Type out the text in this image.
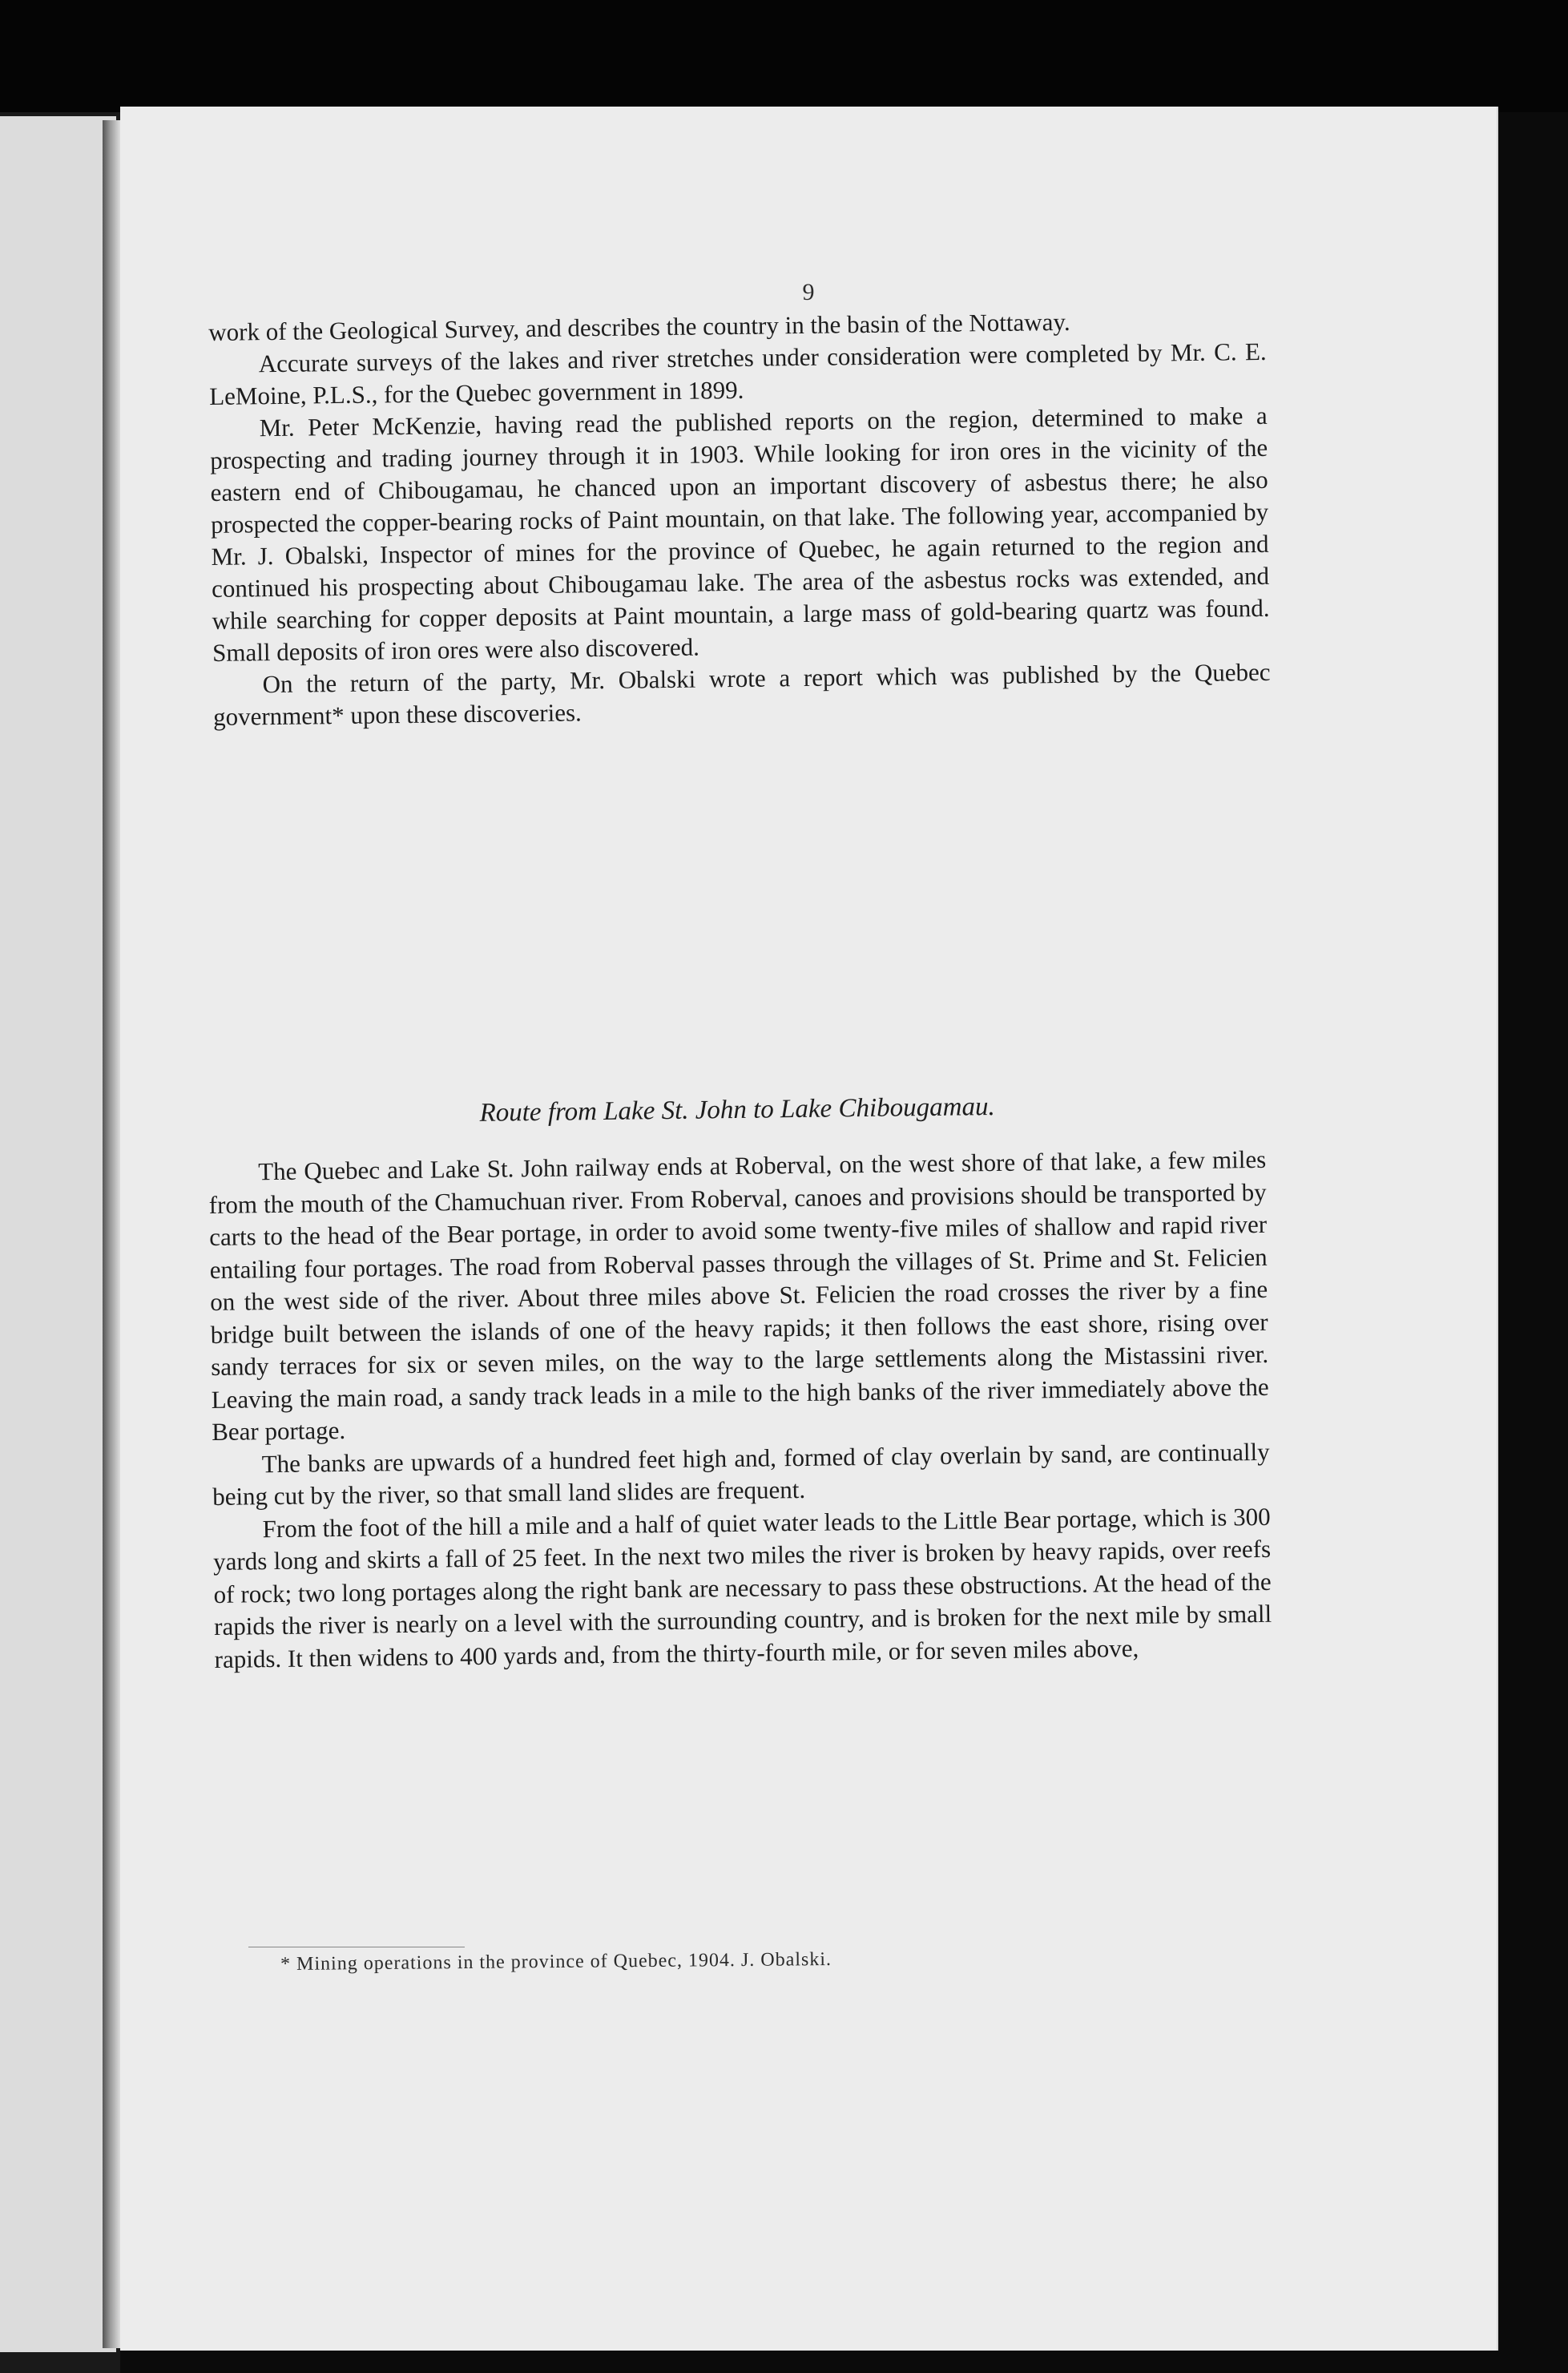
9

work of the Geological Survey, and describes the country in the basin of the Nottaway.

Accurate surveys of the lakes and river stretches under consideration were completed by Mr. C. E. LeMoine, P.L.S., for the Quebec government in 1899.

Mr. Peter McKenzie, having read the published reports on the region, determined to make a prospecting and trading journey through it in 1903. While looking for iron ores in the vicinity of the eastern end of Chibougamau, he chanced upon an important discovery of asbestus there; he also prospected the copper-bearing rocks of Paint mountain, on that lake. The following year, accompanied by Mr. J. Obalski, Inspector of mines for the province of Quebec, he again returned to the region and continued his prospecting about Chibougamau lake. The area of the asbestus rocks was extended, and while searching for copper deposits at Paint mountain, a large mass of gold-bearing quartz was found. Small deposits of iron ores were also discovered.

On the return of the party, Mr. Obalski wrote a report which was published by the Quebec government* upon these discoveries.

Route from Lake St. John to Lake Chibougamau.

The Quebec and Lake St. John railway ends at Roberval, on the west shore of that lake, a few miles from the mouth of the Chamuchuan river. From Roberval, canoes and provisions should be transported by carts to the head of the Bear portage, in order to avoid some twenty-five miles of shallow and rapid river entailing four portages. The road from Roberval passes through the villages of St. Prime and St. Felicien on the west side of the river. About three miles above St. Felicien the road crosses the river by a fine bridge built between the islands of one of the heavy rapids; it then follows the east shore, rising over sandy terraces for six or seven miles, on the way to the large settlements along the Mistassini river. Leaving the main road, a sandy track leads in a mile to the high banks of the river immediately above the Bear portage.

The banks are upwards of a hundred feet high and, formed of clay overlain by sand, are continually being cut by the river, so that small land slides are frequent.

From the foot of the hill a mile and a half of quiet water leads to the Little Bear portage, which is 300 yards long and skirts a fall of 25 feet. In the next two miles the river is broken by heavy rapids, over reefs of rock; two long portages along the right bank are necessary to pass these obstructions. At the head of the rapids the river is nearly on a level with the surrounding country, and is broken for the next mile by small rapids. It then widens to 400 yards and, from the thirty-fourth mile, or for seven miles above,

* Mining operations in the province of Quebec, 1904. J. Obalski.
